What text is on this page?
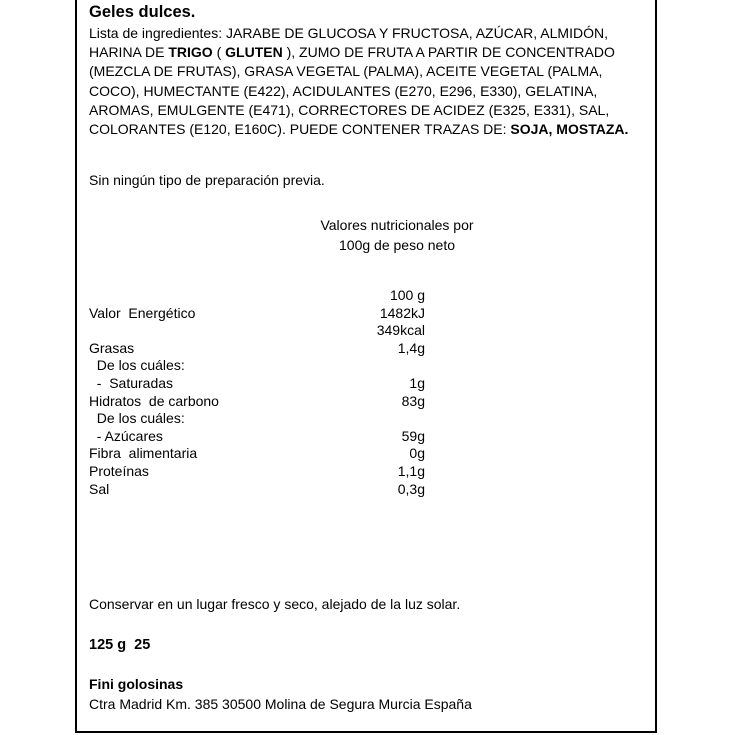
Geles dulces.

Lista de ingredientes: JARABE DE GLUCOSA Y FRUCTOSA, AZÚCAR, ALMIDÓN, HARINA DE TRIGO ( GLUTEN ), ZUMO DE FRUTA A PARTIR DE CONCENTRADO (MEZCLA DE FRUTAS), GRASA VEGETAL (PALMA), ACEITE VEGETAL (PALMA, COCO), HUMECTANTE (E422), ACIDULANTES (E270, E296, E330), GELATINA, AROMAS, EMULGENTE (E471), CORRECTORES DE ACIDEZ (E325, E331), SAL, COLORANTES (E120, E160C). PUEDE CONTENER TRAZAS DE: SOJA, MOSTAZA.

Sin ningún tipo de preparación previa.
Valores nutricionales por
100g de peso neto
100 g
Valor  Energético	1482kJ
349kcal
Grasas	1,4g
De los cuáles:
-  Saturadas	1g
Hidratos  de carbono	83g
De los cuáles:
- Azúcares	59g
Fibra  alimentaria	0g
Proteínas	1,1g
Sal	0,3g
Conservar en un lugar fresco y seco, alejado de la luz solar.
125 g  25
Fini golosinas
Ctra Madrid Km. 385 30500 Molina de Segura Murcia España
